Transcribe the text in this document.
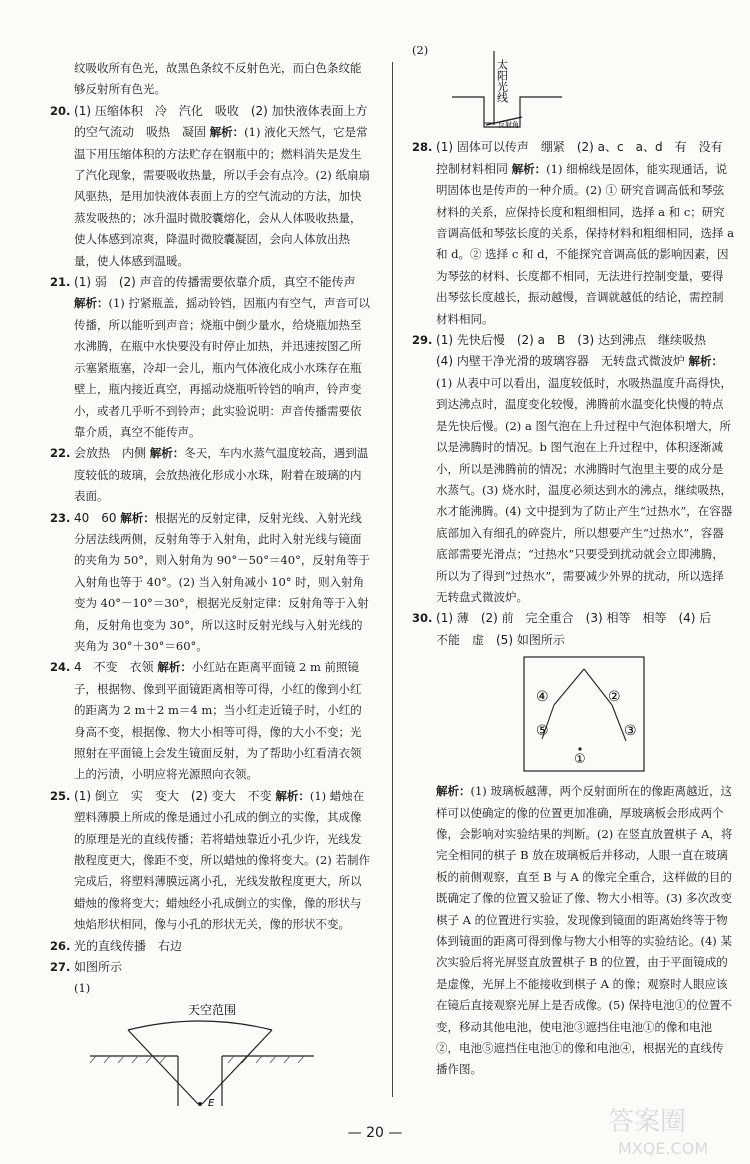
纹吸收所有色光，故黑色条纹不反射色光，而白色条纹能够反射所有色光。

20. (1) 压缩体积　冷　汽化　吸收　(2) 加快液体表面上方的空气流动　吸热　凝固 解析：(1) 液化天然气，它是常温下用压缩体积的方法贮存在钢瓶中的；燃料消失是发生了汽化现象，需要吸收热量，所以手会有点冷。(2) 纸扇扇风驱热，是用加快液体表面上方的空气流动的方法，加快蒸发吸热的；冰升温时微胶囊熔化，会从人体吸收热量，使人体感到凉爽，降温时微胶囊凝固，会向人体放出热量，使人体感到温暖。

21. (1) 弱　(2) 声音的传播需要依靠介质，真空不能传声 解析：(1) 拧紧瓶盖，摇动铃铛，因瓶内有空气，声音可以传播，所以能听到声音；烧瓶中倒少量水，给烧瓶加热至水沸腾，在瓶中水快要没有时停止加热，并迅速按图乙所示塞紧瓶塞，冷却一会儿，瓶内气体液化成小水珠存在瓶壁上，瓶内接近真空，再摇动烧瓶听铃铛的响声，铃声变小，或者几乎听不到铃声；此实验说明：声音传播需要依靠介质，真空不能传声。

22. 会放热　内侧 解析：冬天，车内水蒸气温度较高，遇到温度较低的玻璃，会放热液化形成小水珠，附着在玻璃的内表面。

23. 40　60 解析：根据光的反射定律，反射光线、入射光线分居法线两侧，反射角等于入射角，此时入射光线与镜面的夹角为 50°，则入射角为 90°－50°＝40°，反射角等于入射角也等于 40°。(2) 当入射角减小 10° 时，则入射角变为 40°－10°＝30°，根据光反射定律：反射角等于入射角，反射角也变为 30°，所以这时反射光线与入射光线的夹角为 30°＋30°＝60°。

24. 4　不变　衣领 解析：小红站在距离平面镜 2 m 前照镜子，根据物、像到平面镜距离相等可得，小红的像到小红的距离为 2 m＋2 m＝4 m；当小红走近镜子时，小红的身高不变，根据像、物大小相等可得，像的大小不变；光照射在平面镜上会发生镜面反射，为了帮助小红看清衣领上的污渍，小明应将光源照向衣领。

25. (1) 倒立　实　变大　(2) 变大　不变 解析：(1) 蜡烛在塑料薄膜上所成的像是通过小孔成的倒立的实像，其成像的原理是光的直线传播；若将蜡烛靠近小孔少许，光线发散程度更大，像距不变，所以蜡烛的像将变大。(2) 若制作完成后，将塑料薄膜远离小孔，光线发散程度更大，所以蜡烛的像将变大；蜡烛经小孔成倒立的实像，像的形状与烛焰形状相同，像与小孔的形状无关，像的形状不变。

26. 光的直线传播　右边

27. 如图所示

(1)

天空范围
E

(2)

太阳光线
反射角

28. (1) 固体可以传声　绷紧　(2) a、c　a、d　有　没有控制材料相同 解析：(1) 细棉线是固体，能实现通话，说明固体也是传声的一种介质。(2) ① 研究音调高低和琴弦材料的关系，应保持长度和粗细相同，选择 a 和 c；研究音调高低和琴弦长度的关系，保持材料和粗细相同，选择 a 和 d。② 选择 c 和 d，不能探究音调高低的影响因素，因为琴弦的材料、长度都不相同，无法进行控制变量，要得出琴弦长度越长，振动越慢，音调就越低的结论，需控制材料相同。

29. (1) 先快后慢　(2) a　B　(3) 达到沸点　继续吸热　(4) 内壁干净光滑的玻璃容器　无转盘式微波炉 解析：(1) 从表中可以看出，温度较低时，水吸热温度升高得快，到达沸点时，温度变化较慢，沸腾前水温变化快慢的特点是先快后慢。(2) a 图气泡在上升过程中气泡体积增大，所以是沸腾时的情况。b 图气泡在上升过程中，体积逐渐减小，所以是沸腾前的情况；水沸腾时气泡里主要的成分是水蒸气。(3) 烧水时，温度必须达到水的沸点，继续吸热，水才能沸腾。(4) 文中提到为了防止产生“过热水”，在容器底部加入有细孔的碎瓷片，所以想要产生“过热水”，容器底部需要光滑点；“过热水”只要受到扰动就会立即沸腾，所以为了得到“过热水”，需要减少外界的扰动，所以选择无转盘式微波炉。

30. (1) 薄　(2) 前　完全重合　(3) 相等　相等　(4) 后　不能　虚　(5) 如图所示

④	②
⑤	③
①

解析：(1) 玻璃板越薄，两个反射面所在的像距离越近，这样可以使确定的像的位置更加准确，厚玻璃板会形成两个像，会影响对实验结果的判断。(2) 在竖直放置棋子 A，将完全相同的棋子 B 放在玻璃板后并移动，人眼一直在玻璃板的前侧观察，直至 B 与 A 的像完全重合，这样做的目的既确定了像的位置又验证了像、物大小相等。(3) 多次改变棋子 A 的位置进行实验，发现像到镜面的距离始终等于物体到镜面的距离可得到像与物大小相等的实验结论。(4) 某次实验后将光屏竖直放置棋子 B 的位置，由于平面镜成的是虚像，光屏上不能接收到棋子 A 的像；观察时人眼应该在镜后直接观察光屏上是否成像。(5) 保持电池①的位置不变，移动其他电池，使电池③遮挡住电池①的像和电池②，电池⑤遮挡住电池①的像和电池④，根据光的直线传播作图。

— 20 —	答案圈
MXQE.COM
